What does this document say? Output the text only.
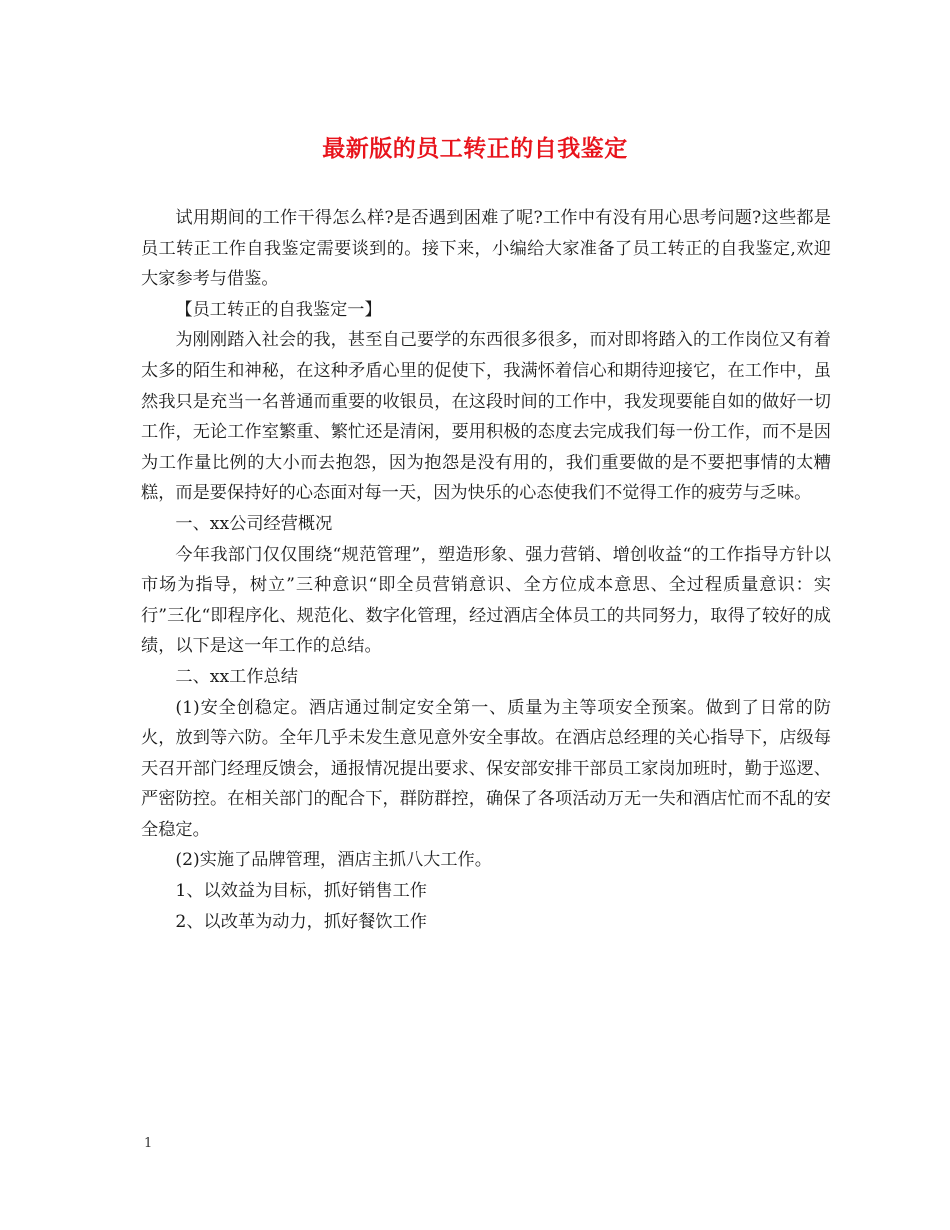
最新版的员工转正的自我鉴定

试用期间的工作干得怎么样?是否遇到困难了呢?工作中有没有用心思考问题?这些都是员工转正工作自我鉴定需要谈到的。接下来，小编给大家准备了员工转正的自我鉴定,欢迎大家参考与借鉴。

【员工转正的自我鉴定一】

为刚刚踏入社会的我，甚至自己要学的东西很多很多，而对即将踏入的工作岗位又有着太多的陌生和神秘，在这种矛盾心里的促使下，我满怀着信心和期待迎接它，在工作中，虽然我只是充当一名普通而重要的收银员，在这段时间的工作中，我发现要能自如的做好一切工作，无论工作室繁重、繁忙还是清闲，要用积极的态度去完成我们每一份工作，而不是因为工作量比例的大小而去抱怨，因为抱怨是没有用的，我们重要做的是不要把事情的太糟糕，而是要保持好的心态面对每一天，因为快乐的心态使我们不觉得工作的疲劳与乏味。

一、xx公司经营概况

今年我部门仅仅围绕“规范管理”，塑造形象、强力营销、增创收益“的工作指导方针以市场为指导，树立”三种意识“即全员营销意识、全方位成本意思、全过程质量意识：实行”三化“即程序化、规范化、数字化管理，经过酒店全体员工的共同努力，取得了较好的成绩，以下是这一年工作的总结。

二、xx工作总结

(1)安全创稳定。酒店通过制定安全第一、质量为主等项安全预案。做到了日常的防火，放到等六防。全年几乎未发生意见意外安全事故。在酒店总经理的关心指导下，店级每天召开部门经理反馈会，通报情况提出要求、保安部安排干部员工家岗加班时，勤于巡逻、严密防控。在相关部门的配合下，群防群控，确保了各项活动万无一失和酒店忙而不乱的安全稳定。

(2)实施了品牌管理，酒店主抓八大工作。

1、以效益为目标，抓好销售工作

2、以改革为动力，抓好餐饮工作

1
